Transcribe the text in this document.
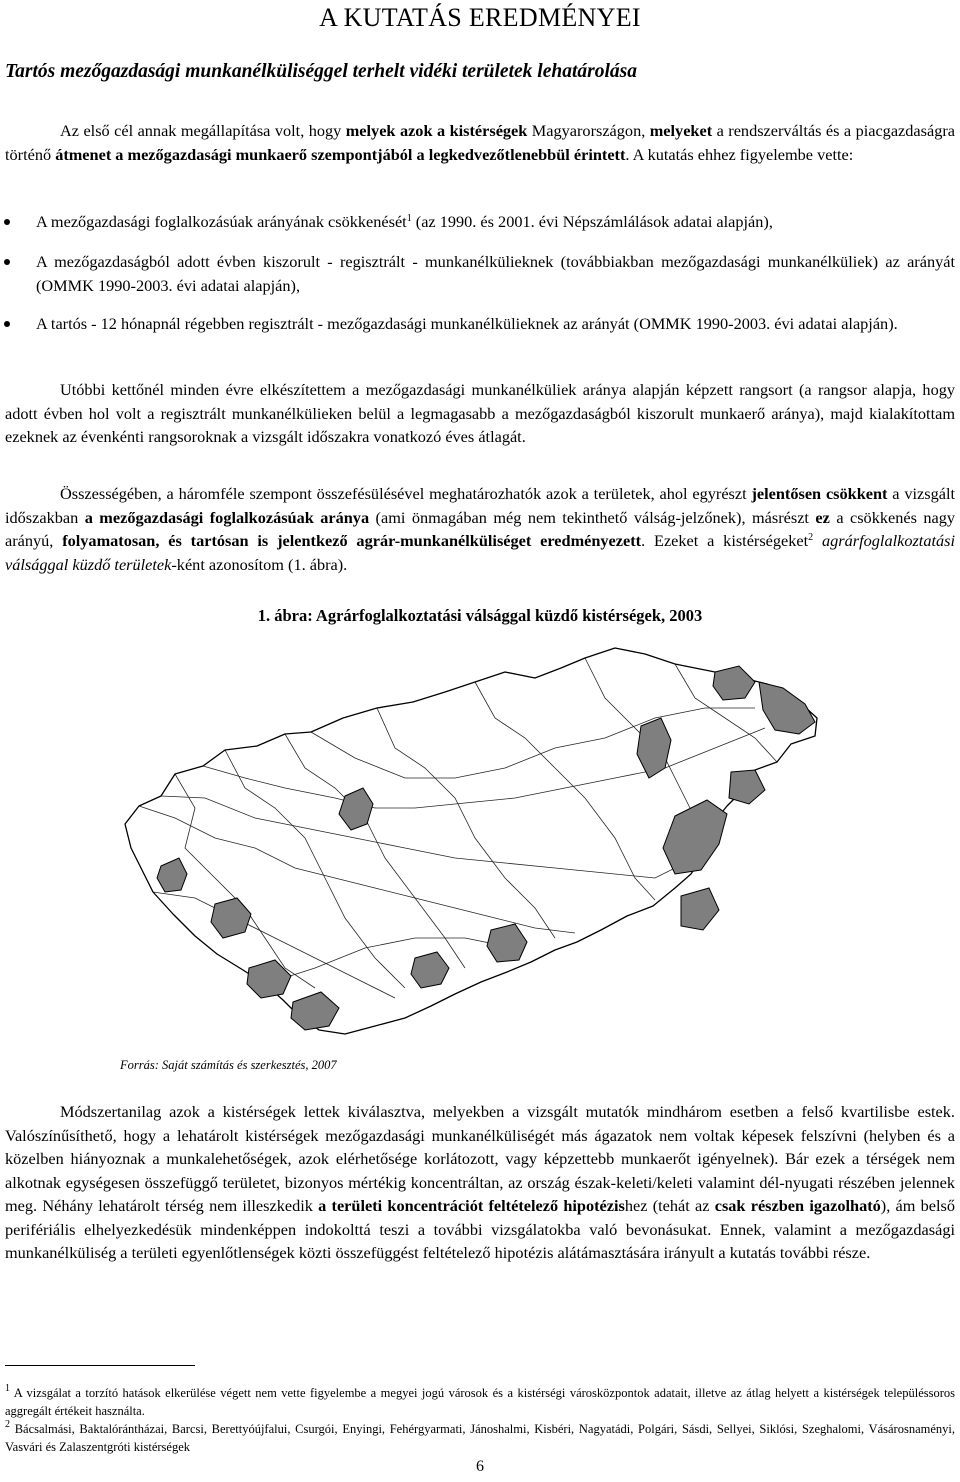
A KUTATÁS EREDMÉNYEI
Tartós mezőgazdasági munkanélküliséggel terhelt vidéki területek lehatárolása
Az első cél annak megállapítása volt, hogy melyek azok a kistérségek Magyarországon, melyeket a rendszerváltás és a piacgazdaságra történő átmenet a mezőgazdasági munkaerő szempontjából a legkedvezőtlenebbül érintett. A kutatás ehhez figyelembe vette:
A mezőgazdasági foglalkozásúak arányának csökkenését$^1$ (az 1990. és 2001. évi Népszámlálások adatai alapján),
A mezőgazdaságból adott évben kiszorult - regisztrált - munkanélkülieknek (továbbiakban mezőgazdasági munkanélküliek) az arányát (OMMK 1990-2003. évi adatai alapján),
A tartós - 12 hónapnál régebben regisztrált - mezőgazdasági munkanélkülieknek az arányát (OMMK 1990-2003. évi adatai alapján).
Utóbbi kettőnél minden évre elkészítettem a mezőgazdasági munkanélküliek aránya alapján képzett rangsort (a rangsor alapja, hogy adott évben hol volt a regisztrált munkanélkülieken belül a legmagasabb a mezőgazdaságból kiszorult munkaerő aránya), majd kialakítottam ezeknek az évenkénti rangsoroknak a vizsgált időszakra vonatkozó éves átlagát.
Összességében, a háromféle szempont összefésülésével meghatározhatók azok a területek, ahol egyrészt jelentősen csökkent a vizsgált időszakban a mezőgazdasági foglalkozásúak aránya (ami önmagában még nem tekinthető válság-jelzőnek), másrészt ez a csökkenés nagy arányú, folyamatosan, és tartósan is jelentkező agrár-munkanélküliséget eredményezett. Ezeket a kistérségeket$^2$ agrárfoglalkoztatási válsággal küzdő területek-ként azonosítom (1. ábra).
1. ábra: Agrárfoglalkoztatási válsággal küzdő kistérségek, 2003
Forrás: Saját számítás és szerkesztés, 2007
Módszertanilag azok a kistérségek lettek kiválasztva, melyekben a vizsgált mutatók mindhárom esetben a felső kvartilisbe estek. Valószínűsíthető, hogy a lehatárolt kistérségek mezőgazdasági munkanélküliségét más ágazatok nem voltak képesek felszívni (helyben és a közelben hiányoznak a munkalehetőségek, azok elérhetősége korlátozott, vagy képzettebb munkaerőt igényelnek). Bár ezek a térségek nem alkotnak egységesen összefüggő területet, bizonyos mértékig koncentráltan, az ország észak-keleti/keleti valamint dél-nyugati részében jelennek meg. Néhány lehatárolt térség nem illeszkedik a területi koncentrációt feltételező hipotézishez (tehát az csak részben igazolható), ám belső perifériális elhelyezkedésük mindenképpen indokolttá teszi a további vizsgálatokba való bevonásukat. Ennek, valamint a mezőgazdasági munkanélküliség a területi egyenlőtlenségek közti összefüggést feltételező hipotézis alátámasztására irányult a kutatás további része.
$^1$ A vizsgálat a torzító hatások elkerülése végett nem vette figyelembe a megyei jogú városok és a kistérségi városközpontok adatait, illetve az átlag helyett a kistérségek településsoros aggregált értékeit használta.
$^2$ Bácsalmási, Baktalórántházai, Barcsi, Berettyóújfalui, Csurgói, Enyingi, Fehérgyarmati, Jánoshalmi, Kisbéri, Nagyatádi, Polgári, Sásdi, Sellyei, Siklósi, Szeghalomi, Vásárosnaményi, Vasvári és Zalaszentgróti kistérségek
6
